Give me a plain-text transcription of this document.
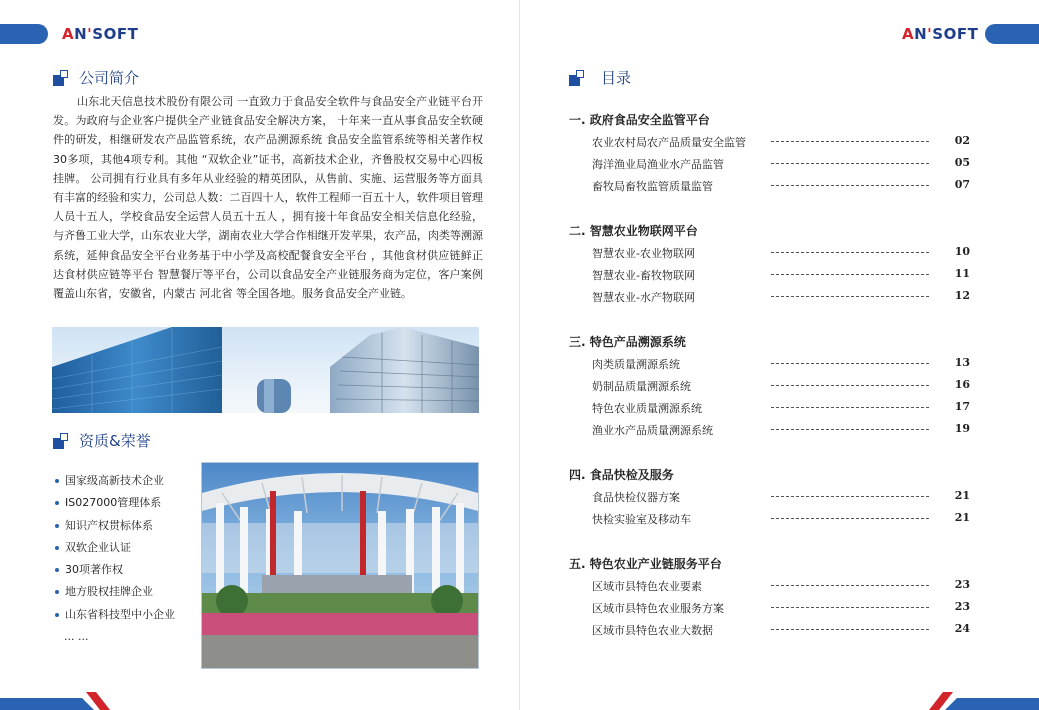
AN'SOFT	AN'SOFT
公司简介

山东北天信息技术股份有限公司 一直致力于食品安全软件与食品安全产业链平台开发。为政府与企业客户提供全产业链食品安全解决方案， 十年来一直从事食品安全软硬件的研发，相继研发农产品监管系统，农产品溯源系统 食品安全监管系统等相关著作权 30多项，其他4项专利。其他 “双软企业”证书，高新技术企业，齐鲁股权交易中心四板挂牌。 公司拥有行业具有多年从业经验的精英团队，从售前、实施、运营服务等方面具有丰富的经验和实力，公司总人数：二百四十人，软件工程师一百五十人，软件项目管理人员十五人，学校食品安全运营人员五十五人 ，拥有接十年食品安全相关信息化经验，与齐鲁工业大学，山东农业大学，湖南农业大学合作相继开发苹果，农产品，肉类等溯源系统，延伸食品安全平台业务基于中小学及高校配餐食安全平台 ，其他食材供应链鲜正达食材供应链等平台 智慧餐厅等平台，公司以食品安全产业链服务商为定位，客户案例覆盖山东省，安徽省，内蒙古 河北省 等全国各地。服务食品安全产业链。

资质&荣誉
国家级高新技术企业
IS027000管理体系
知识产权贯标体系
双软企业认证
30项著作权
地方股权挂牌企业
山东省科技型中小企业
... ...
目录
一. 政府食品安全监管平台
农业农村局农产品质量安全监管	02
海洋渔业局渔业水产品监管	05
畜牧局畜牧监管质量监管	07
二. 智慧农业物联网平台
智慧农业-农业物联网	10
智慧农业-畜牧物联网	11
智慧农业-水产物联网	12
三. 特色产品溯源系统
肉类质量溯源系统	13
奶制品质量溯源系统	16
特色农业质量溯源系统	17
渔业水产品质量溯源系统	19
四. 食品快检及服务
食品快检仪器方案	21
快检实验室及移动车	21
五. 特色农业产业链服务平台
区域市县特色农业要素	23
区域市县特色农业服务方案	23
区域市县特色农业大数据	24
